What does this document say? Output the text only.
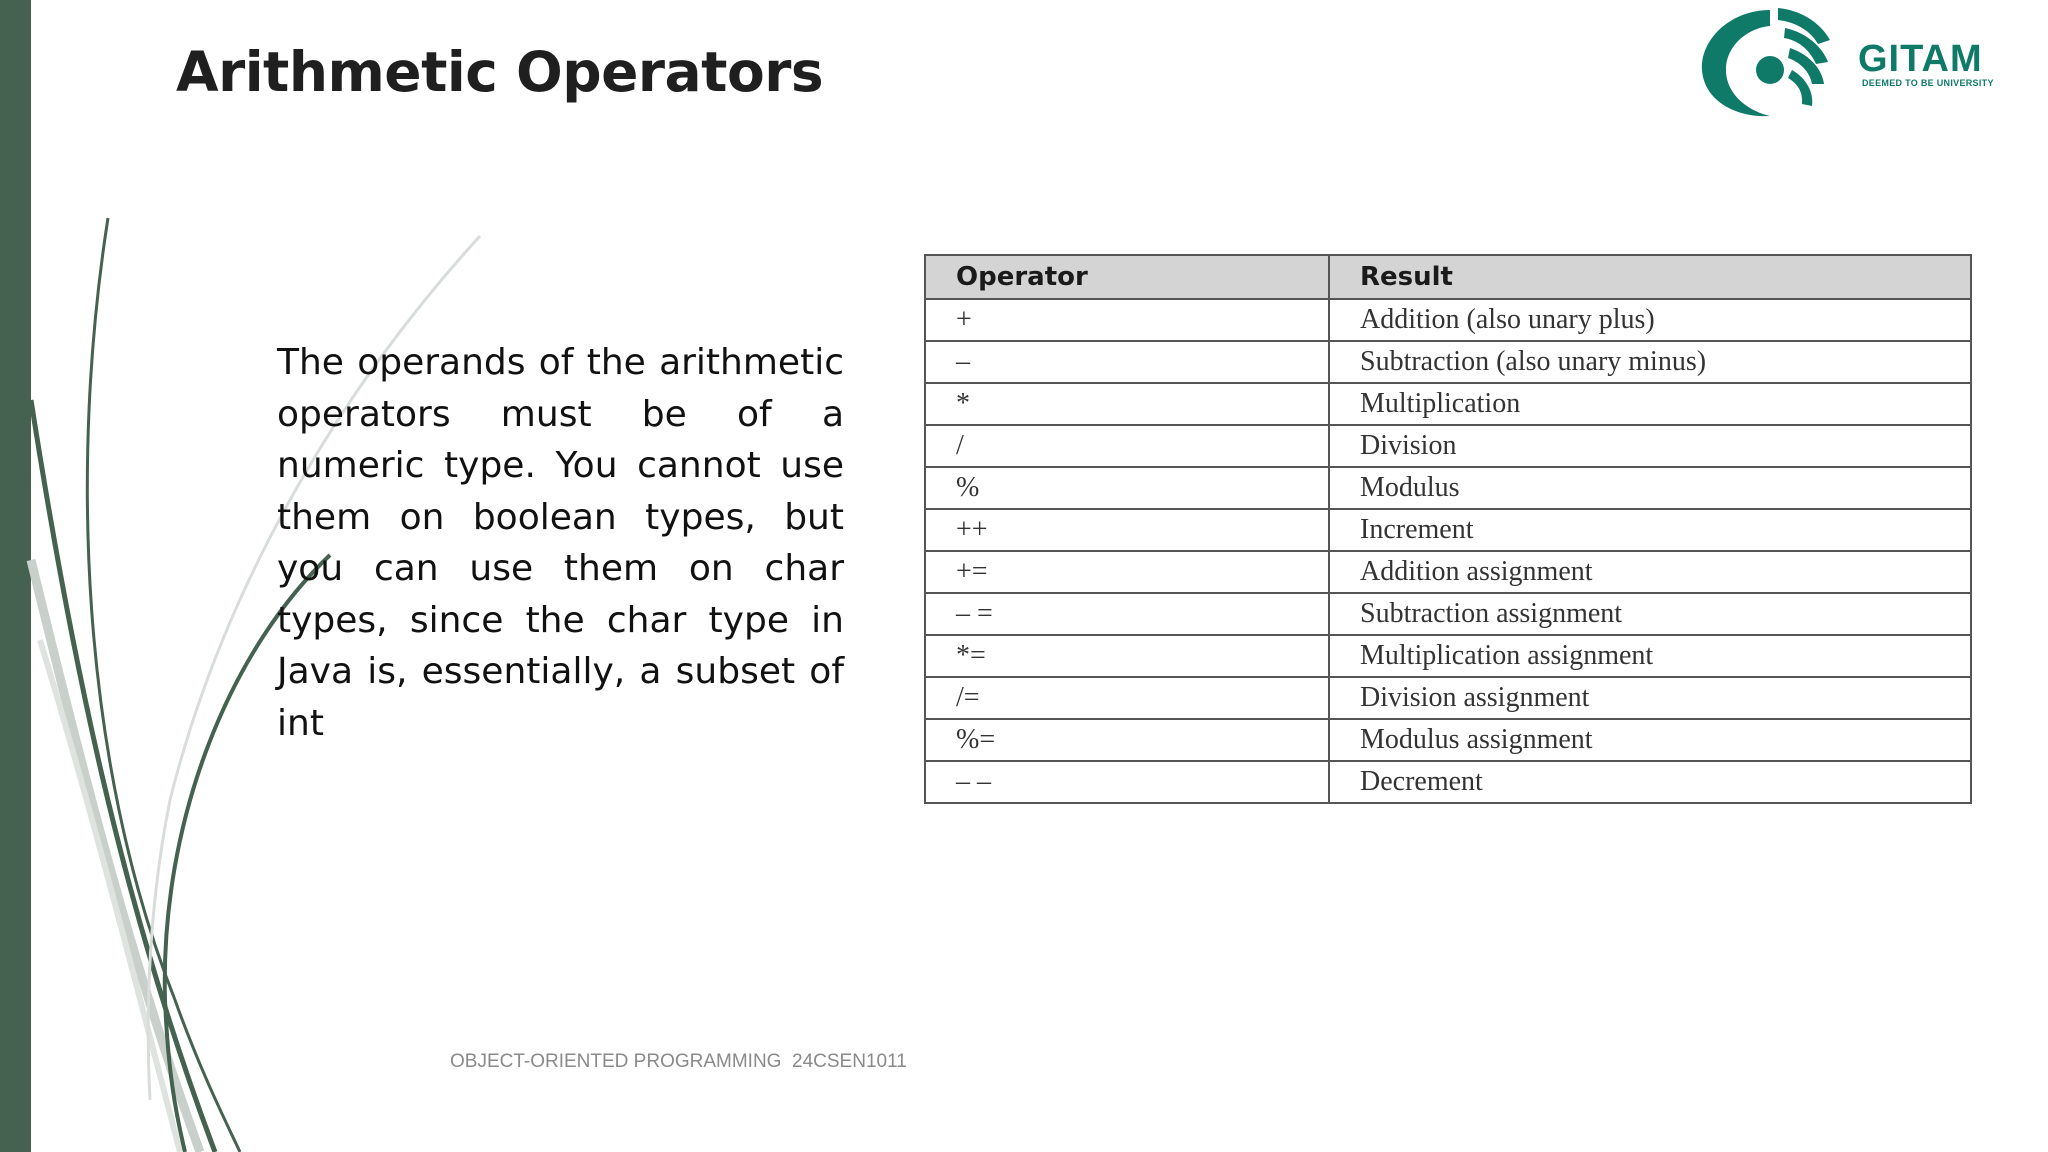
Arithmetic Operators	GITAM
DEEMED TO BE UNIVERSITY

The operands of the arithmetic operators must be of a numeric type. You cannot use them on boolean types, but you can use them on char types, since the char type in Java is, essentially, a subset of int

Operator	Result
+	Addition (also unary plus)
–	Subtraction (also unary minus)
*	Multiplication
/	Division
%	Modulus
++	Increment
+=	Addition assignment
– =	Subtraction assignment
*=	Multiplication assignment
/=	Division assignment
%=	Modulus assignment
– –	Decrement
OBJECT-ORIENTED PROGRAMMING  24CSEN1011
